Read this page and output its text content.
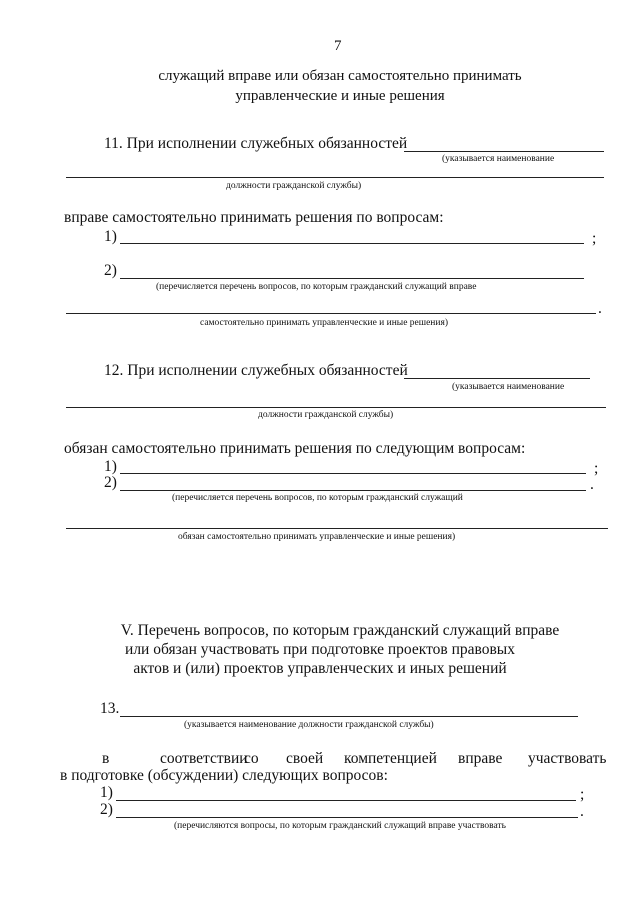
7
служащий вправе или обязан самостоятельно принимать
управленческие и иные решения
11. При исполнении служебных обязанностей
(указывается наименование
должности гражданской службы)
вправе самостоятельно принимать решения по вопросам:
1)	;
2)
(перечисляется перечень вопросов, по которым гражданский служащий вправе
.
самостоятельно принимать управленческие и иные решения)
12. При исполнении служебных обязанностей
(указывается наименование
должности гражданской службы)
обязан самостоятельно принимать решения по следующим вопросам:
1)	;
2)	.
(перечисляется перечень вопросов, по которым гражданский служащий
обязан самостоятельно принимать управленческие и иные решения)
V. Перечень вопросов, по которым гражданский служащий вправе
или обязан участвовать при подготовке проектов правовых
актов и (или) проектов управленческих и иных решений
13.
(указывается наименование должности гражданской службы)
в	соответствии
со своей компетенцией вправе участвовать
в подготовке (обсуждении) следующих вопросов:
1)	;
2)	.
(перечисляются вопросы, по которым гражданский служащий вправе участвовать
